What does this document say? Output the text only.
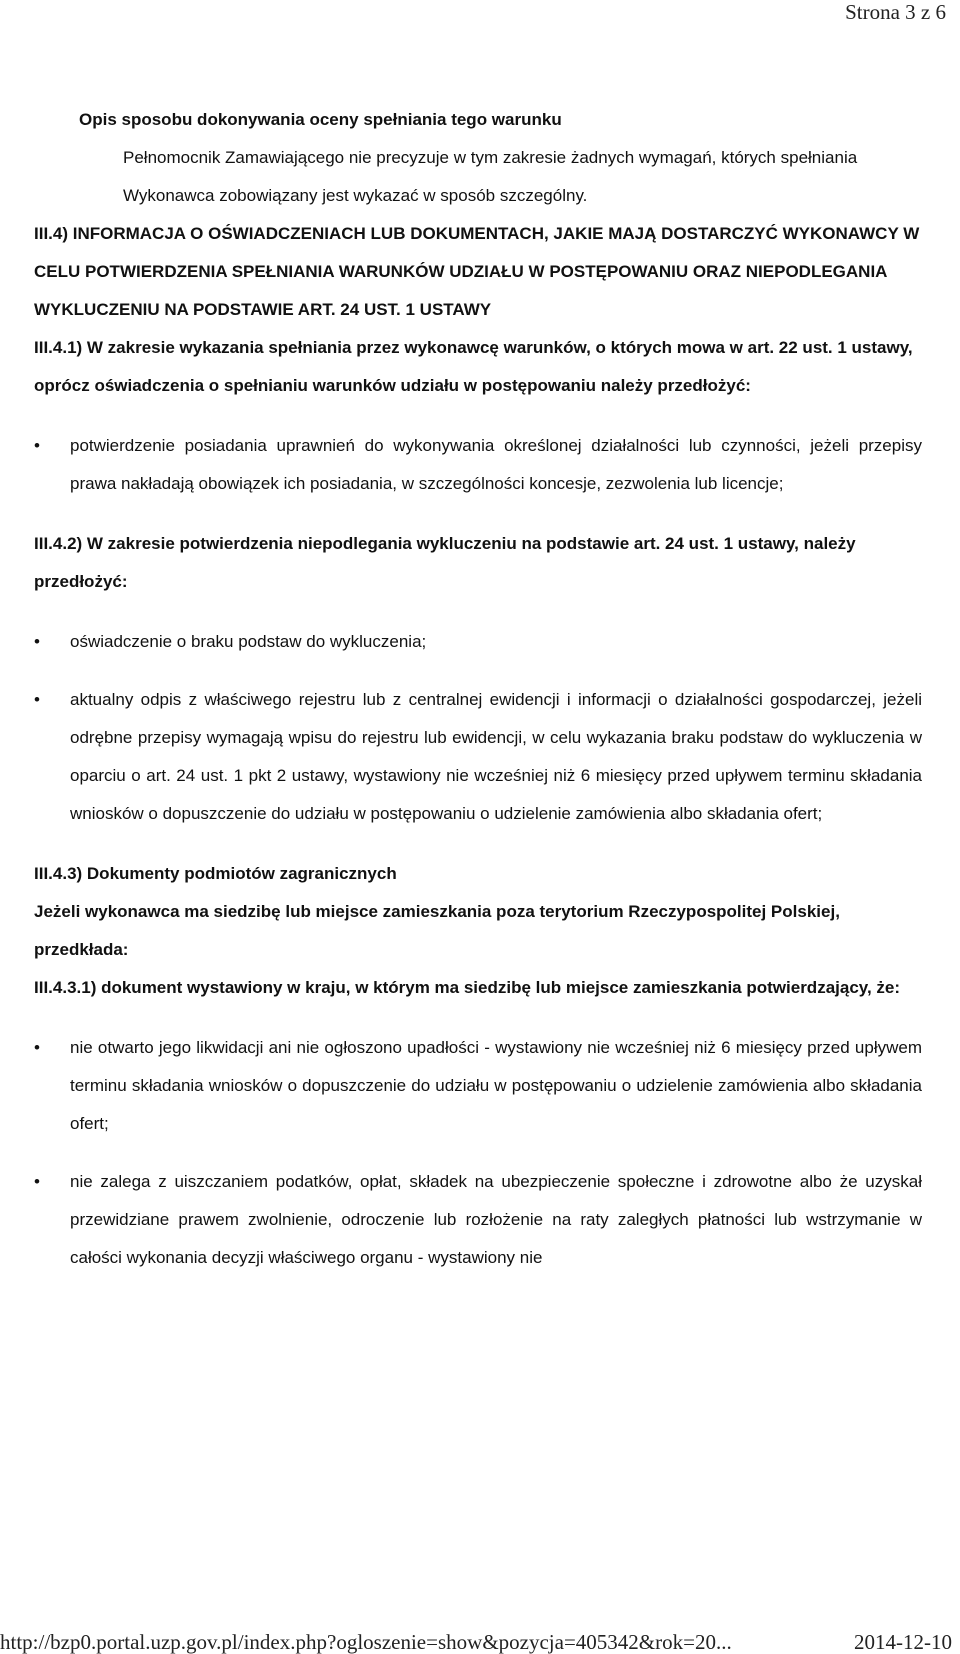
Strona 3 z 6

Opis sposobu dokonywania oceny spełniania tego warunku

Pełnomocnik Zamawiającego nie precyzuje w tym zakresie żadnych wymagań, których spełniania Wykonawca zobowiązany jest wykazać w sposób szczególny.

III.4) INFORMACJA O OŚWIADCZENIACH LUB DOKUMENTACH, JAKIE MAJĄ DOSTARCZYĆ WYKONAWCY W CELU POTWIERDZENIA SPEŁNIANIA WARUNKÓW UDZIAŁU W POSTĘPOWANIU ORAZ NIEPODLEGANIA WYKLUCZENIU NA PODSTAWIE ART. 24 UST. 1 USTAWY

III.4.1) W zakresie wykazania spełniania przez wykonawcę warunków, o których mowa w art. 22 ust. 1 ustawy, oprócz oświadczenia o spełnianiu warunków udziału w postępowaniu należy przedłożyć:

•	potwierdzenie posiadania uprawnień do wykonywania określonej działalności lub czynności, jeżeli przepisy prawa nakładają obowiązek ich posiadania, w szczególności koncesje, zezwolenia lub licencje;

III.4.2) W zakresie potwierdzenia niepodlegania wykluczeniu na podstawie art. 24 ust. 1 ustawy, należy przedłożyć:

•	oświadczenie o braku podstaw do wykluczenia;
•	aktualny odpis z właściwego rejestru lub z centralnej ewidencji i informacji o działalności gospodarczej, jeżeli odrębne przepisy wymagają wpisu do rejestru lub ewidencji, w celu wykazania braku podstaw do wykluczenia w oparciu o art. 24 ust. 1 pkt 2 ustawy, wystawiony nie wcześniej niż 6 miesięcy przed upływem terminu składania wniosków o dopuszczenie do udziału w postępowaniu o udzielenie zamówienia albo składania ofert;

III.4.3) Dokumenty podmiotów zagranicznych

Jeżeli wykonawca ma siedzibę lub miejsce zamieszkania poza terytorium Rzeczypospolitej Polskiej, przedkłada:

III.4.3.1) dokument wystawiony w kraju, w którym ma siedzibę lub miejsce zamieszkania potwierdzający, że:

•	nie otwarto jego likwidacji ani nie ogłoszono upadłości - wystawiony nie wcześniej niż 6 miesięcy przed upływem terminu składania wniosków o dopuszczenie do udziału w postępowaniu o udzielenie zamówienia albo składania ofert;
•	nie zalega z uiszczaniem podatków, opłat, składek na ubezpieczenie społeczne i zdrowotne albo że uzyskał przewidziane prawem zwolnienie, odroczenie lub rozłożenie na raty zaległych płatności lub wstrzymanie w całości wykonania decyzji właściwego organu - wystawiony nie
http://bzp0.portal.uzp.gov.pl/index.php?ogloszenie=show&pozycja=405342&rok=20...	2014-12-10
